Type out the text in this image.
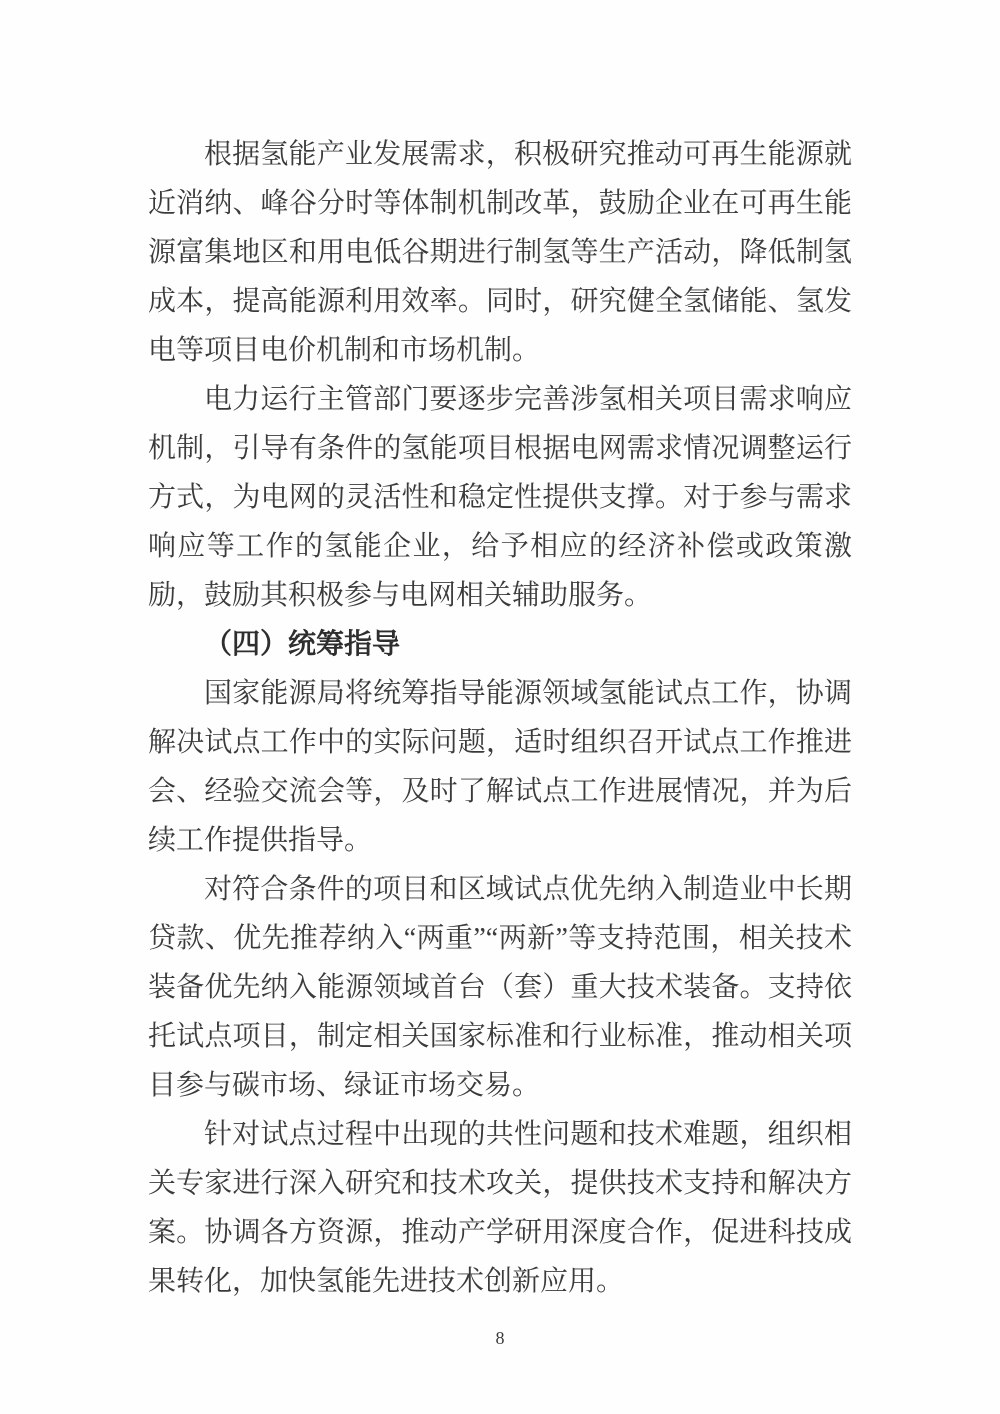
根据氢能产业发展需求，积极研究推动可再生能源就近消纳、峰谷分时等体制机制改革，鼓励企业在可再生能源富集地区和用电低谷期进行制氢等生产活动，降低制氢成本，提高能源利用效率。同时，研究健全氢储能、氢发电等项目电价机制和市场机制。

电力运行主管部门要逐步完善涉氢相关项目需求响应机制，引导有条件的氢能项目根据电网需求情况调整运行方式，为电网的灵活性和稳定性提供支撑。对于参与需求响应等工作的氢能企业，给予相应的经济补偿或政策激励，鼓励其积极参与电网相关辅助服务。

（四）统筹指导

国家能源局将统筹指导能源领域氢能试点工作，协调解决试点工作中的实际问题，适时组织召开试点工作推进会、经验交流会等，及时了解试点工作进展情况，并为后续工作提供指导。

对符合条件的项目和区域试点优先纳入制造业中长期贷款、优先推荐纳入“两重”“两新”等支持范围，相关技术装备优先纳入能源领域首台（套）重大技术装备。支持依托试点项目，制定相关国家标准和行业标准，推动相关项目参与碳市场、绿证市场交易。

针对试点过程中出现的共性问题和技术难题，组织相关专家进行深入研究和技术攻关，提供技术支持和解决方案。协调各方资源，推动产学研用深度合作，促进科技成果转化，加快氢能先进技术创新应用。

8
